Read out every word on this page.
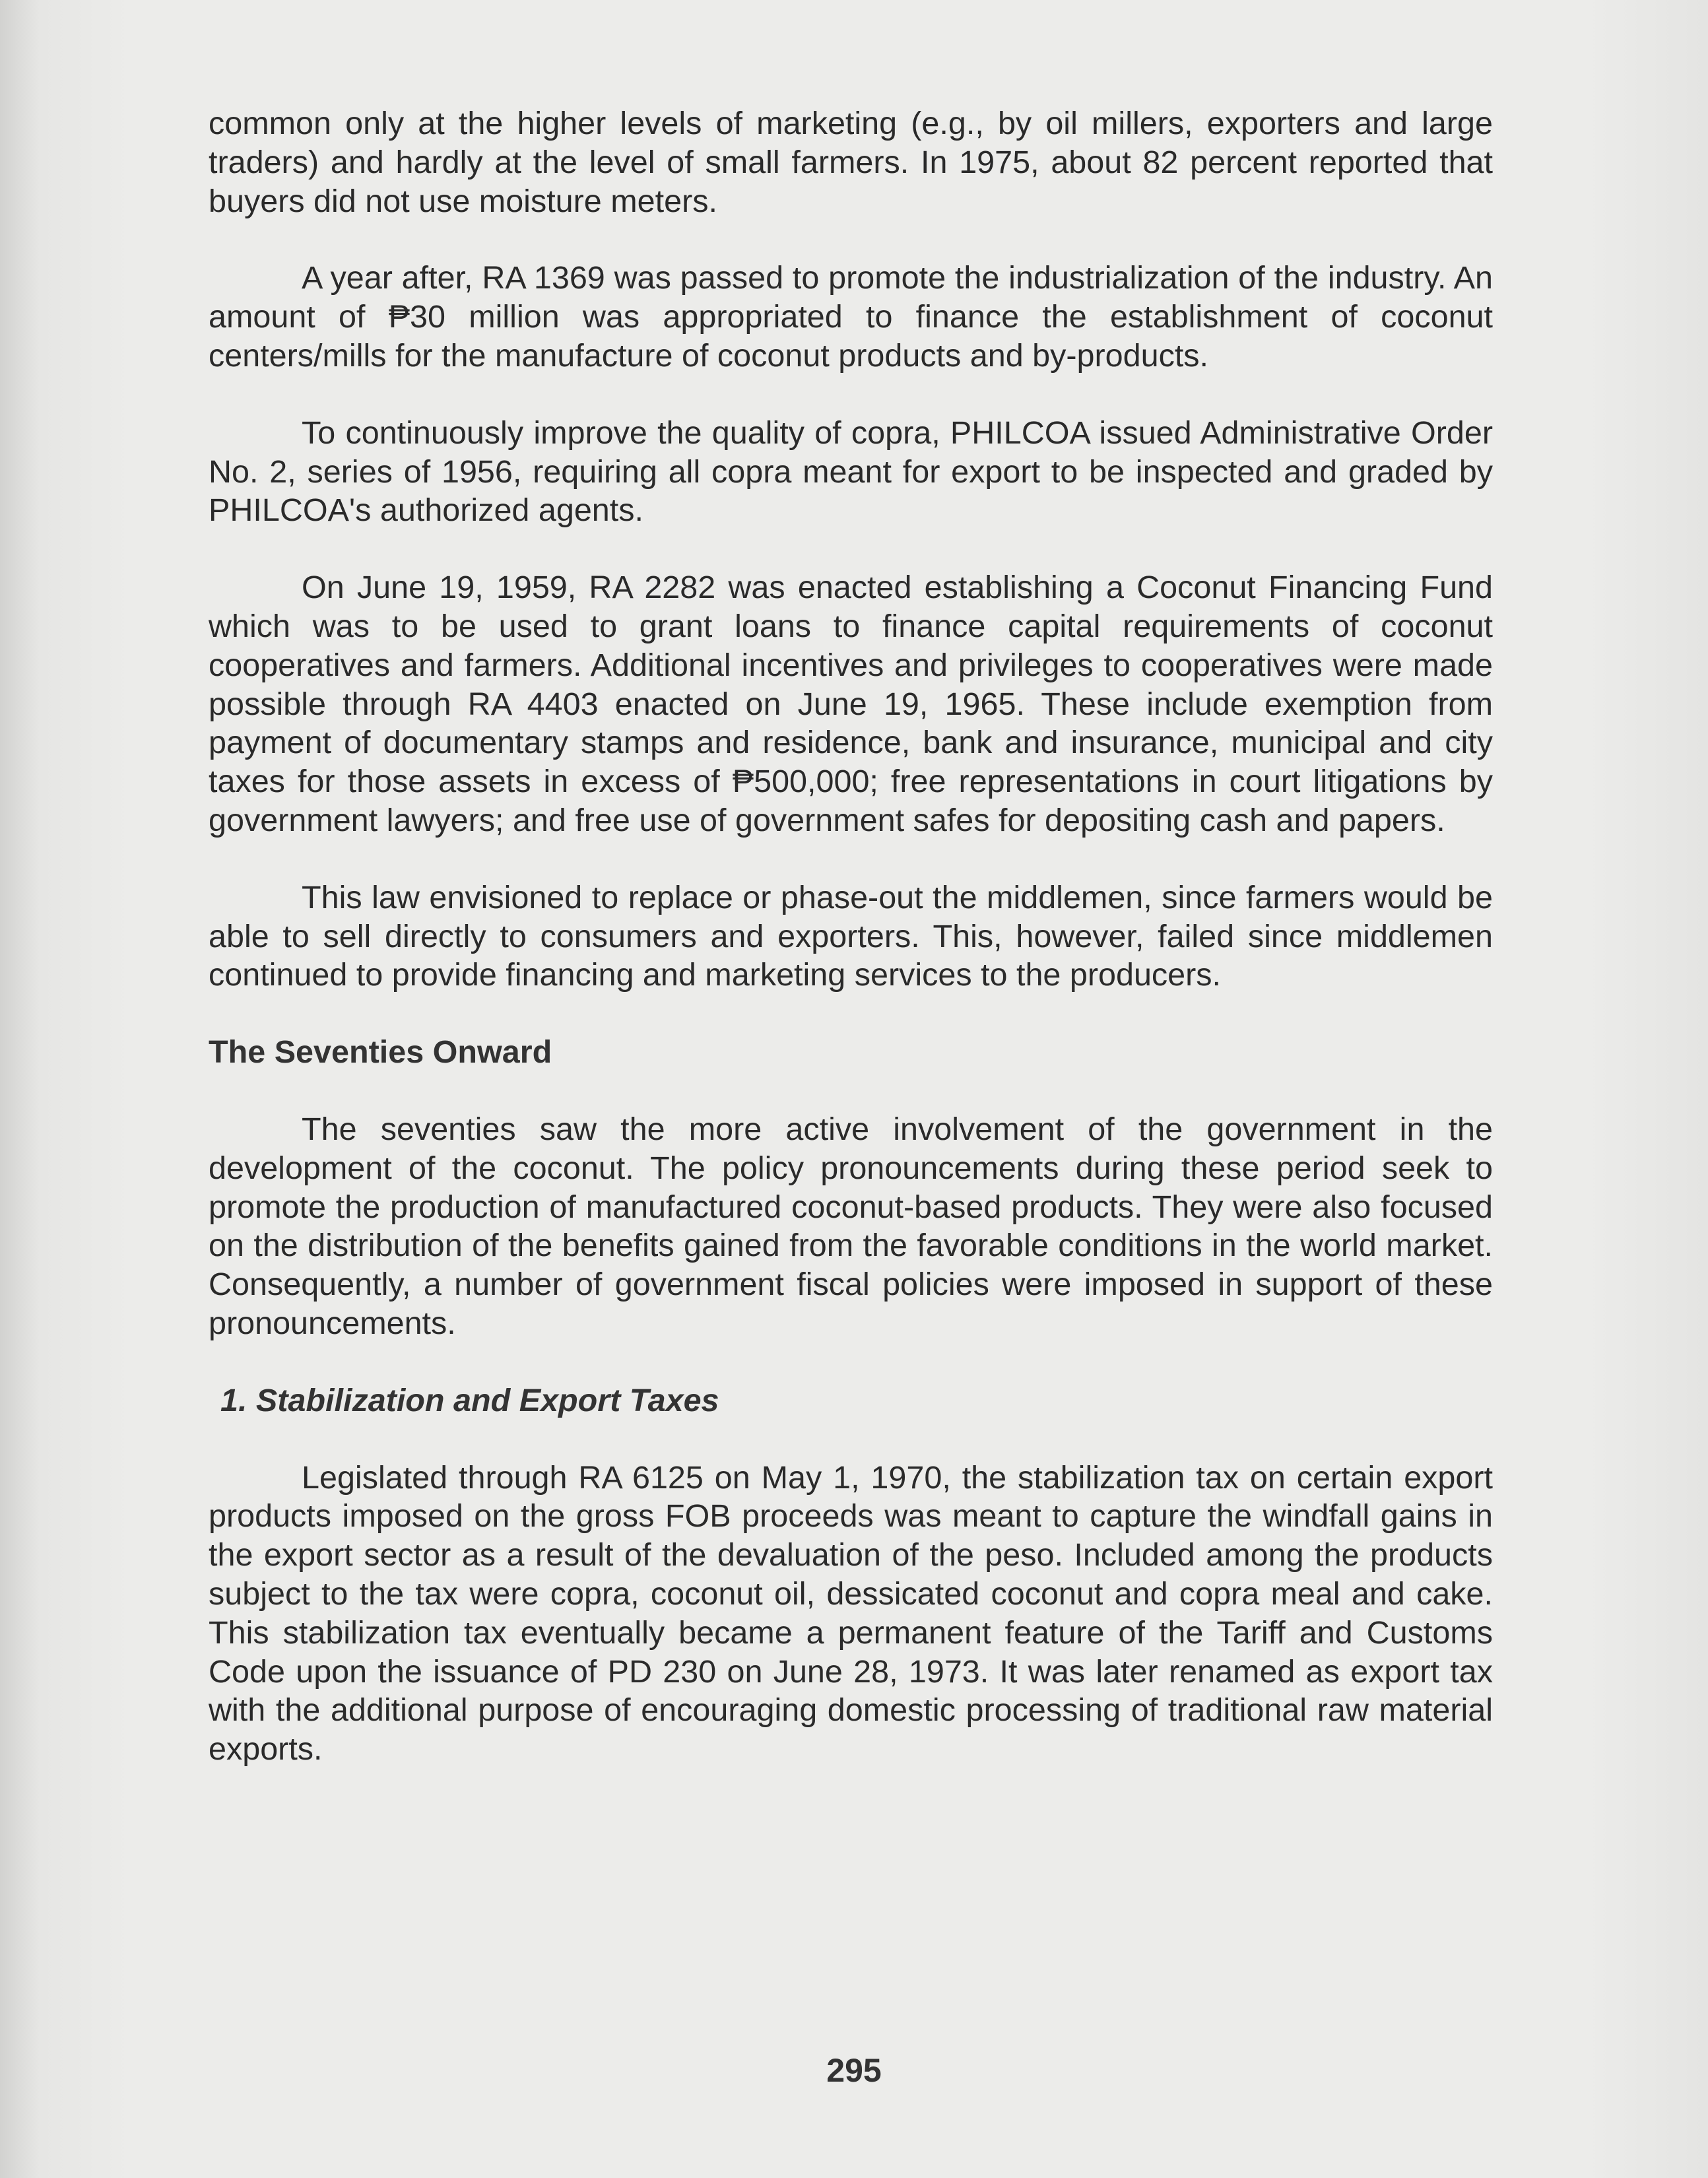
common only at the higher levels of marketing (e.g., by oil millers, exporters and large traders) and hardly at the level of small farmers. In 1975, about 82 percent reported that buyers did not use moisture meters.

A year after, RA 1369 was passed to promote the industrialization of the industry. An amount of ₱30 million was appropriated to finance the establishment of coconut centers/mills for the manufacture of coconut products and by-products.

To continuously improve the quality of copra, PHILCOA issued Administrative Order No. 2, series of 1956, requiring all copra meant for export to be inspected and graded by PHILCOA's authorized agents.

On June 19, 1959, RA 2282 was enacted establishing a Coconut Financing Fund which was to be used to grant loans to finance capital requirements of coconut cooperatives and farmers. Additional incentives and privileges to cooperatives were made possible through RA 4403 enacted on June 19, 1965. These include exemption from payment of documentary stamps and residence, bank and insurance, municipal and city taxes for those assets in excess of ₱500,000; free representations in court litigations by government lawyers; and free use of government safes for depositing cash and papers.

This law envisioned to replace or phase-out the middlemen, since farmers would be able to sell directly to consumers and exporters. This, however, failed since middlemen continued to provide financing and marketing services to the producers.

The Seventies Onward

The seventies saw the more active involvement of the government in the development of the coconut. The policy pronouncements during these period seek to promote the production of manufactured coconut-based products. They were also focused on the distribution of the benefits gained from the favorable conditions in the world market. Consequently, a number of government fiscal policies were imposed in support of these pronouncements.

1. Stabilization and Export Taxes

Legislated through RA 6125 on May 1, 1970, the stabilization tax on certain export products imposed on the gross FOB proceeds was meant to capture the windfall gains in the export sector as a result of the devaluation of the peso. Included among the products subject to the tax were copra, coconut oil, dessicated coconut and copra meal and cake. This stabilization tax eventually became a permanent feature of the Tariff and Customs Code upon the issuance of PD 230 on June 28, 1973. It was later renamed as export tax with the additional purpose of encouraging domestic processing of traditional raw material exports.

295
